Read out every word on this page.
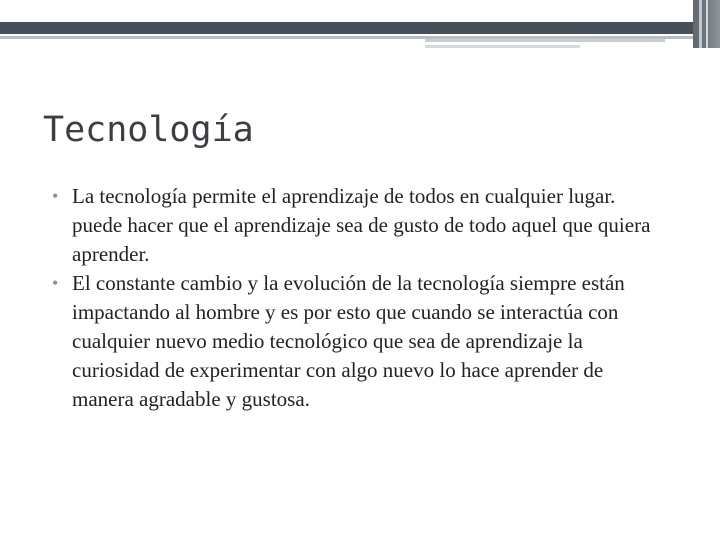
Tecnología
• La tecnología permite el aprendizaje de todos en cualquier lugar. puede hacer que el aprendizaje sea de gusto de todo aquel que quiera aprender.
• El constante cambio y la evolución de la tecnología siempre están impactando al hombre y es por esto que cuando se interactúa con cualquier nuevo medio tecnológico que sea de aprendizaje la curiosidad de experimentar con algo nuevo lo hace aprender de manera agradable y gustosa.
